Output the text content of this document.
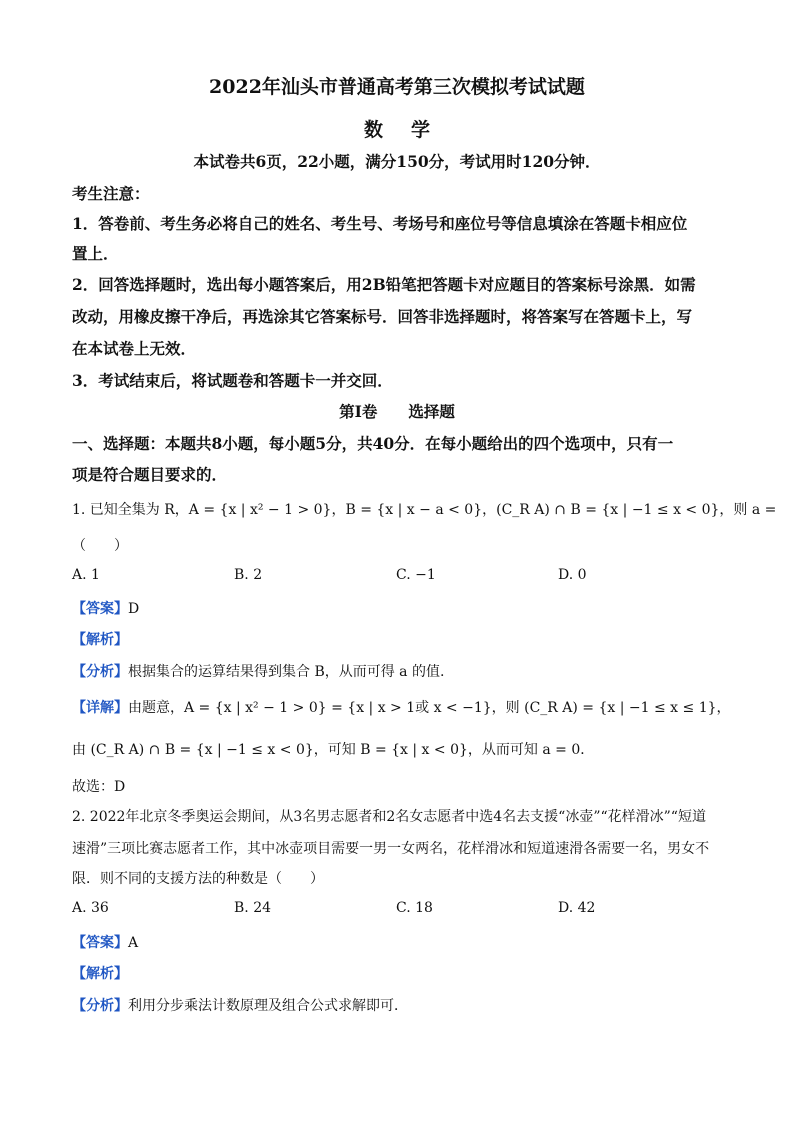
2022年汕头市普通高考第三次模拟考试试题
数学
本试卷共6页，22小题，满分150分，考试用时120分钟．
考生注意：
1．答卷前、考生务必将自己的姓名、考生号、考场号和座位号等信息填涂在答题卡相应位
置上．
2．回答选择题时，选出每小题答案后，用2B铅笔把答题卡对应题目的答案标号涂黑．如需
改动，用橡皮擦干净后，再选涂其它答案标号．回答非选择题时，将答案写在答题卡上，写
在本试卷上无效．
3．考试结束后，将试题卷和答题卡一并交回．
第Ⅰ卷　　选择题
一、选择题：本题共8小题，每小题5分，共40分．在每小题给出的四个选项中，只有一
项是符合题目要求的．
1. 已知全集为 R，A = {x | x² − 1 > 0}，B = {x | x − a < 0}，(C_R A) ∩ B = {x | −1 ≤ x < 0}，则 a =
（　　）
A. 1	B. 2	C. −1	D. 0
【答案】D
【解析】
【分析】根据集合的运算结果得到集合 B，从而可得 a 的值.
【详解】由题意，A = {x | x² − 1 > 0} = {x | x > 1或 x < −1}，则 (C_R A) = {x | −1 ≤ x ≤ 1}，
由 (C_R A) ∩ B = {x | −1 ≤ x < 0}，可知 B = {x | x < 0}，从而可知 a = 0．
故选：D
2. 2022年北京冬季奥运会期间，从3名男志愿者和2名女志愿者中选4名去支援“冰壶”“花样滑冰”“短道
速滑”三项比赛志愿者工作，其中冰壶项目需要一男一女两名，花样滑冰和短道速滑各需要一名，男女不
限．则不同的支援方法的种数是（　　）
A. 36	B. 24	C. 18	D. 42
【答案】A
【解析】
【分析】利用分步乘法计数原理及组合公式求解即可．
